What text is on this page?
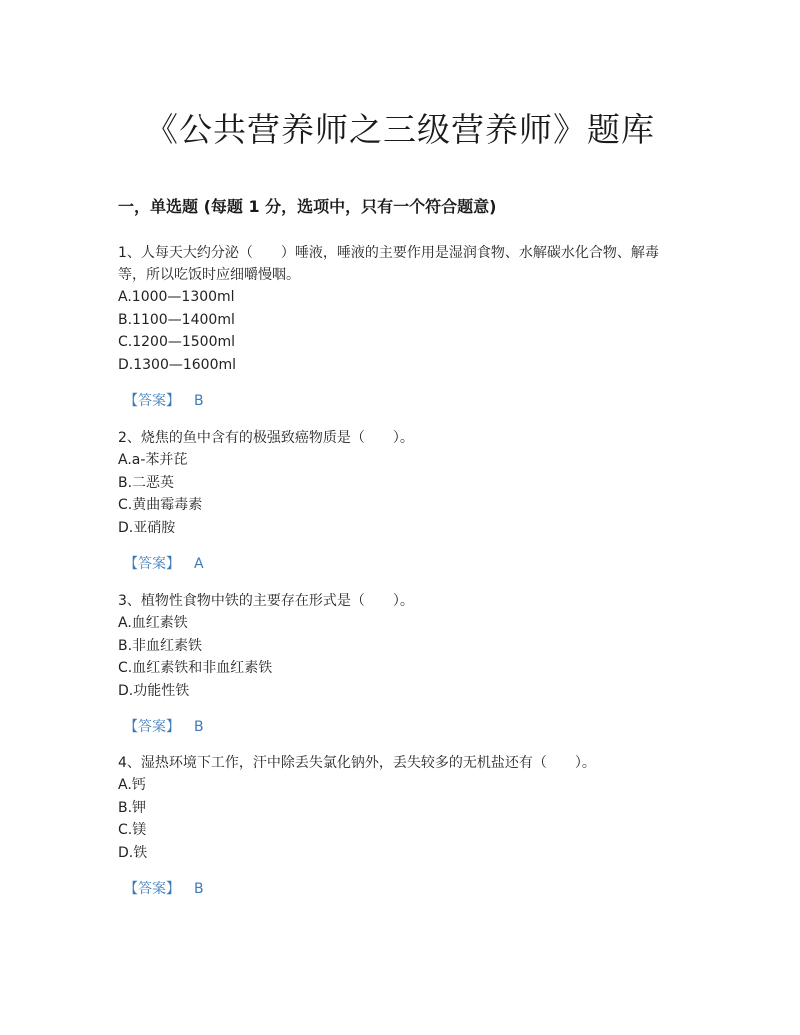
《公共营养师之三级营养师》题库
一，单选题 (每题 1 分，选项中，只有一个符合题意)
1、人每天大约分泌（　　）唾液，唾液的主要作用是湿润食物、水解碳水化合物、解毒等，所以吃饭时应细嚼慢咽。
A.1000—1300ml
B.1100—1400ml
C.1200—1500ml
D.1300—1600ml
【答案】 B
2、烧焦的鱼中含有的极强致癌物质是（　　）。
A.a-苯并芘
B.二恶英
C.黄曲霉毒素
D.亚硝胺
【答案】 A
3、植物性食物中铁的主要存在形式是（　　）。
A.血红素铁
B.非血红素铁
C.血红素铁和非血红素铁
D.功能性铁
【答案】 B
4、湿热环境下工作，汗中除丢失氯化钠外，丢失较多的无机盐还有（　　）。
A.钙
B.钾
C.镁
D.铁
【答案】 B
